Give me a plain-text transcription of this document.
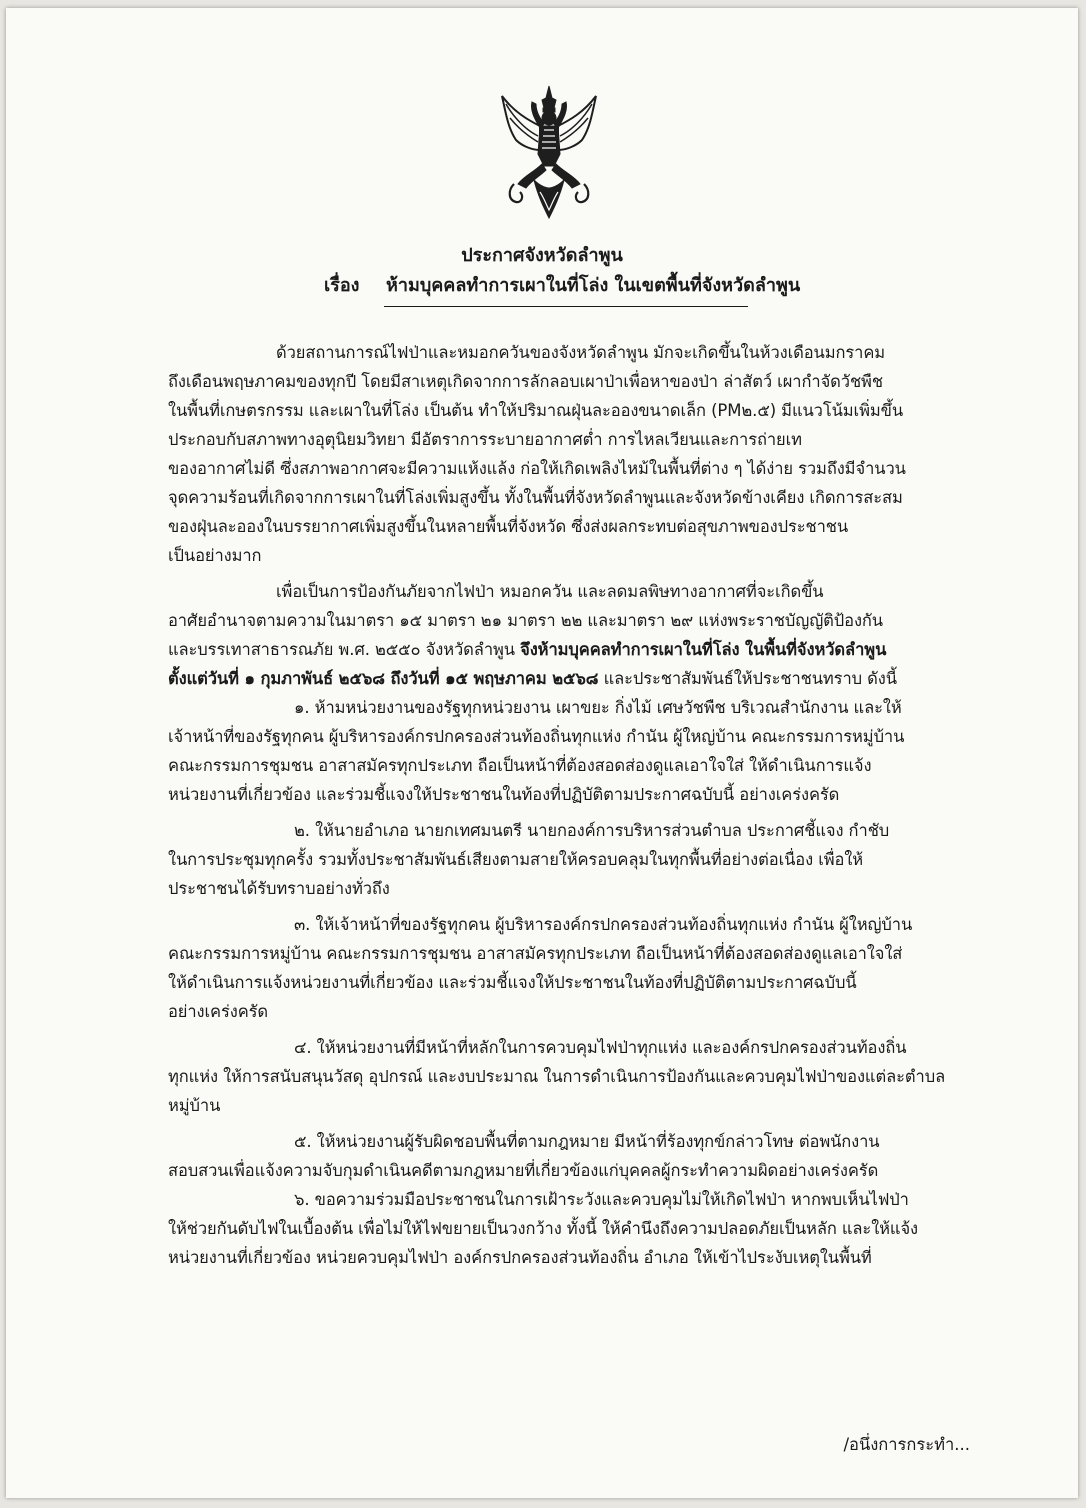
ประกาศจังหวัดลำพูน
เรื่อง ห้ามบุคคลทำการเผาในที่โล่ง ในเขตพื้นที่จังหวัดลำพูน
ด้วยสถานการณ์ไฟป่าและหมอกควันของจังหวัดลำพูน มักจะเกิดขึ้นในห้วงเดือนมกราคม
ถึงเดือนพฤษภาคมของทุกปี โดยมีสาเหตุเกิดจากการลักลอบเผาป่าเพื่อหาของป่า ล่าสัตว์ เผากำจัดวัชพืช
ในพื้นที่เกษตรกรรม และเผาในที่โล่ง เป็นต้น ทำให้ปริมาณฝุ่นละอองขนาดเล็ก (PM๒.๕) มีแนวโน้มเพิ่มขึ้น
ประกอบกับสภาพทางอุตุนิยมวิทยา มีอัตราการระบายอากาศต่ำ การไหลเวียนและการถ่ายเท
ของอากาศไม่ดี ซึ่งสภาพอากาศจะมีความแห้งแล้ง ก่อให้เกิดเพลิงไหม้ในพื้นที่ต่าง ๆ ได้ง่าย รวมถึงมีจำนวน
จุดความร้อนที่เกิดจากการเผาในที่โล่งเพิ่มสูงขึ้น ทั้งในพื้นที่จังหวัดลำพูนและจังหวัดข้างเคียง เกิดการสะสม
ของฝุ่นละอองในบรรยากาศเพิ่มสูงขึ้นในหลายพื้นที่จังหวัด ซึ่งส่งผลกระทบต่อสุขภาพของประชาชน
เป็นอย่างมาก
เพื่อเป็นการป้องกันภัยจากไฟป่า หมอกควัน และลดมลพิษทางอากาศที่จะเกิดขึ้น
อาศัยอำนาจตามความในมาตรา ๑๕ มาตรา ๒๑ มาตรา ๒๒ และมาตรา ๒๙ แห่งพระราชบัญญัติป้องกัน
และบรรเทาสาธารณภัย พ.ศ. ๒๕๕๐ จังหวัดลำพูน จึงห้ามบุคคลทำการเผาในที่โล่ง ในพื้นที่จังหวัดลำพูน
ตั้งแต่วันที่ ๑ กุมภาพันธ์ ๒๕๖๘ ถึงวันที่ ๑๕ พฤษภาคม ๒๕๖๘ และประชาสัมพันธ์ให้ประชาชนทราบ ดังนี้
๑. ห้ามหน่วยงานของรัฐทุกหน่วยงาน เผาขยะ กิ่งไม้ เศษวัชพืช บริเวณสำนักงาน และให้
เจ้าหน้าที่ของรัฐทุกคน ผู้บริหารองค์กรปกครองส่วนท้องถิ่นทุกแห่ง กำนัน ผู้ใหญ่บ้าน คณะกรรมการหมู่บ้าน
คณะกรรมการชุมชน อาสาสมัครทุกประเภท ถือเป็นหน้าที่ต้องสอดส่องดูแลเอาใจใส่ ให้ดำเนินการแจ้ง
หน่วยงานที่เกี่ยวข้อง และร่วมชี้แจงให้ประชาชนในท้องที่ปฏิบัติตามประกาศฉบับนี้ อย่างเคร่งครัด
๒. ให้นายอำเภอ นายกเทศมนตรี นายกองค์การบริหารส่วนตำบล ประกาศชี้แจง กำชับ
ในการประชุมทุกครั้ง รวมทั้งประชาสัมพันธ์เสียงตามสายให้ครอบคลุมในทุกพื้นที่อย่างต่อเนื่อง เพื่อให้
ประชาชนได้รับทราบอย่างทั่วถึง
๓. ให้เจ้าหน้าที่ของรัฐทุกคน ผู้บริหารองค์กรปกครองส่วนท้องถิ่นทุกแห่ง กำนัน ผู้ใหญ่บ้าน
คณะกรรมการหมู่บ้าน คณะกรรมการชุมชน อาสาสมัครทุกประเภท ถือเป็นหน้าที่ต้องสอดส่องดูแลเอาใจใส่
ให้ดำเนินการแจ้งหน่วยงานที่เกี่ยวข้อง และร่วมชี้แจงให้ประชาชนในท้องที่ปฏิบัติตามประกาศฉบับนี้
อย่างเคร่งครัด
๔. ให้หน่วยงานที่มีหน้าที่หลักในการควบคุมไฟป่าทุกแห่ง และองค์กรปกครองส่วนท้องถิ่น
ทุกแห่ง ให้การสนับสนุนวัสดุ อุปกรณ์ และงบประมาณ ในการดำเนินการป้องกันและควบคุมไฟป่าของแต่ละตำบล
หมู่บ้าน
๕. ให้หน่วยงานผู้รับผิดชอบพื้นที่ตามกฎหมาย มีหน้าที่ร้องทุกข์กล่าวโทษ ต่อพนักงาน
สอบสวนเพื่อแจ้งความจับกุมดำเนินคดีตามกฎหมายที่เกี่ยวข้องแก่บุคคลผู้กระทำความผิดอย่างเคร่งครัด
๖. ขอความร่วมมือประชาชนในการเฝ้าระวังและควบคุมไม่ให้เกิดไฟป่า หากพบเห็นไฟป่า
ให้ช่วยกันดับไฟในเบื้องต้น เพื่อไม่ให้ไฟขยายเป็นวงกว้าง ทั้งนี้ ให้คำนึงถึงความปลอดภัยเป็นหลัก และให้แจ้ง
หน่วยงานที่เกี่ยวข้อง หน่วยควบคุมไฟป่า องค์กรปกครองส่วนท้องถิ่น อำเภอ ให้เข้าไประงับเหตุในพื้นที่
/อนึ่งการกระทำ...
